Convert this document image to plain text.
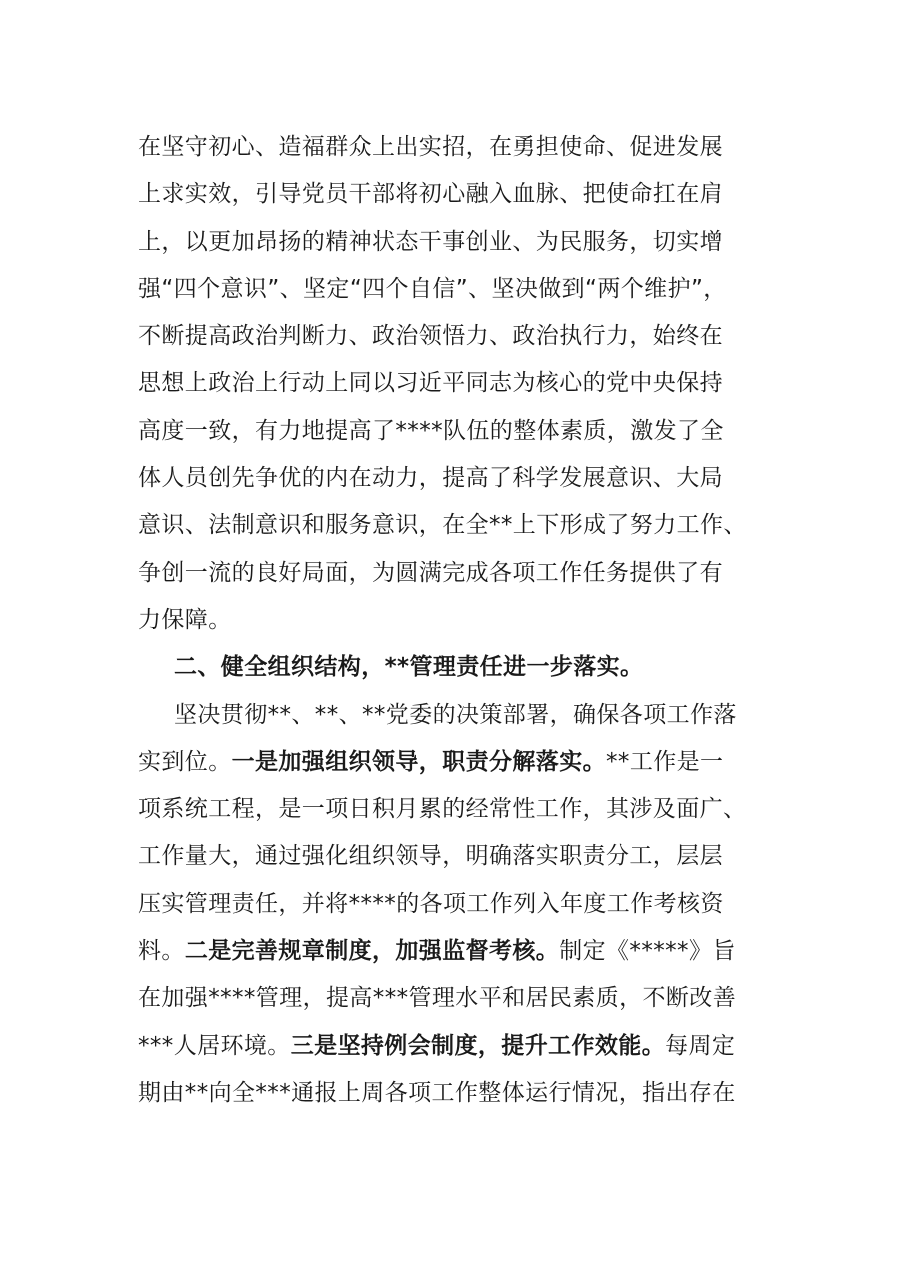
在坚守初心、造福群众上出实招，在勇担使命、促进发展
上求实效，引导党员干部将初心融入血脉、把使命扛在肩
上，以更加昂扬的精神状态干事创业、为民服务，切实增
强“四个意识”、坚定“四个自信”、坚决做到“两个维护”，
不断提高政治判断力、政治领悟力、政治执行力，始终在
思想上政治上行动上同以习近平同志为核心的党中央保持
高度一致，有力地提高了****队伍的整体素质，激发了全
体人员创先争优的内在动力，提高了科学发展意识、大局
意识、法制意识和服务意识，在全**上下形成了努力工作、
争创一流的良好局面，为圆满完成各项工作任务提供了有
力保障。
二、健全组织结构，**管理责任进一步落实。
坚决贯彻**、**、**党委的决策部署，确保各项工作落
实到位。一是加强组织领导，职责分解落实。**工作是一
项系统工程，是一项日积月累的经常性工作，其涉及面广、
工作量大，通过强化组织领导，明确落实职责分工，层层
压实管理责任，并将****的各项工作列入年度工作考核资
料。二是完善规章制度，加强监督考核。制定《*****》旨
在加强****管理，提高***管理水平和居民素质，不断改善
***人居环境。三是坚持例会制度，提升工作效能。每周定
期由**向全***通报上周各项工作整体运行情况，指出存在
